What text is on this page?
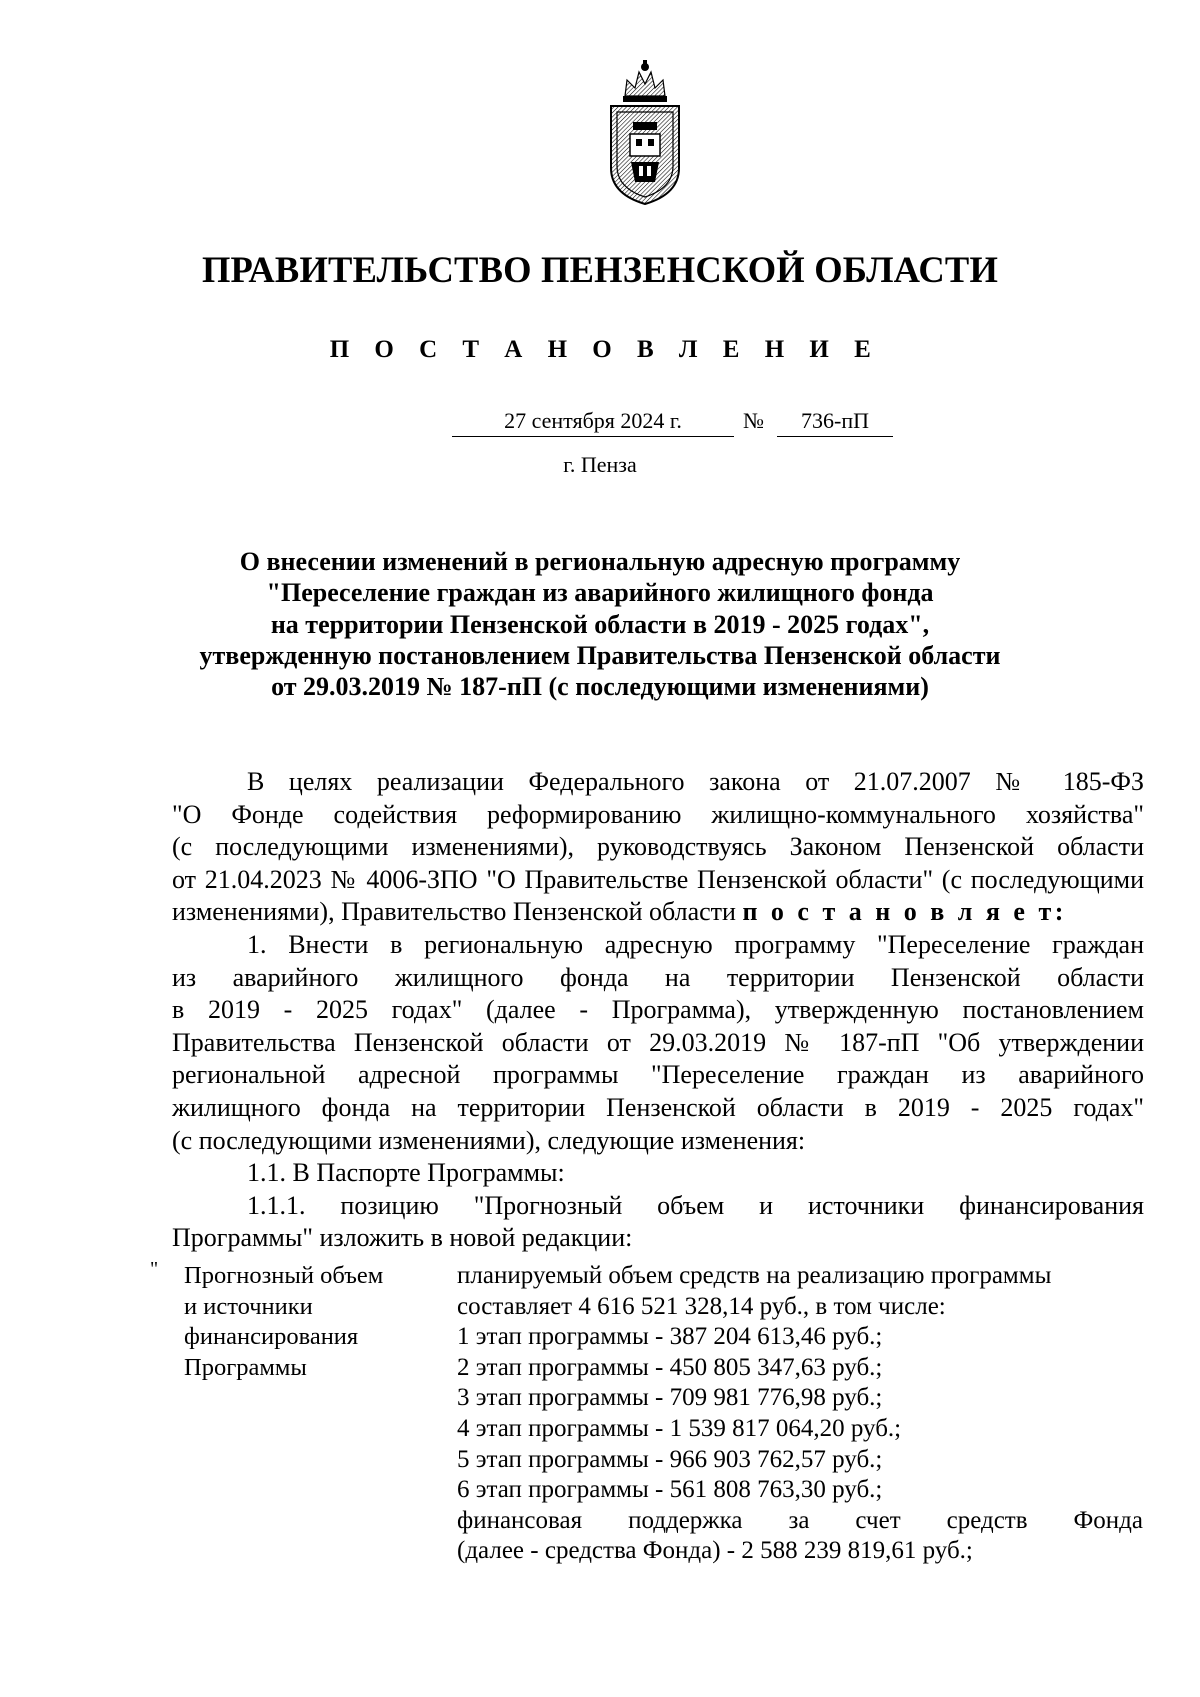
ПРАВИТЕЛЬСТВО ПЕНЗЕНСКОЙ ОБЛАСТИ
П О С Т А Н О В Л Е Н И Е
27 сентября 2024 г.	№	736-пП
г. Пенза
О внесении изменений в региональную адресную программу
"Переселение граждан из аварийного жилищного фонда
на территории Пензенской области в 2019 - 2025 годах",
утвержденную постановлением Правительства Пензенской области
от 29.03.2019 № 187-пП (с последующими изменениями)
В целях реализации Федерального закона от 21.07.2007 № 185-ФЗ
"О Фонде содействия реформированию жилищно-коммунального хозяйства"
(с последующими изменениями), руководствуясь Законом Пензенской области
от 21.04.2023 № 4006-ЗПО "О Правительстве Пензенской области" (с последующими
изменениями), Правительство Пензенской области п о с т а н о в л я е т:
1. Внести в региональную адресную программу "Переселение граждан
из аварийного жилищного фонда на территории Пензенской области
в 2019 - 2025 годах" (далее - Программа), утвержденную постановлением
Правительства Пензенской области от 29.03.2019 № 187-пП "Об утверждении
региональной адресной программы "Переселение граждан из аварийного
жилищного фонда на территории Пензенской области в 2019 - 2025 годах"
(с последующими изменениями), следующие изменения:
1.1. В Паспорте Программы:
1.1.1. позицию "Прогнозный объем и источники финансирования
Программы" изложить в новой редакции:
" Прогнозный объем
и источники
финансирования
Программы
планируемый объем средств на реализацию программы
составляет 4 616 521 328,14 руб., в том числе:
1 этап программы - 387 204 613,46 руб.;
2 этап программы - 450 805 347,63 руб.;
3 этап программы - 709 981 776,98 руб.;
4 этап программы - 1 539 817 064,20 руб.;
5 этап программы - 966 903 762,57 руб.;
6 этап программы - 561 808 763,30 руб.;
финансовая поддержка за счет средств Фонда
(далее - средства Фонда) - 2 588 239 819,61 руб.;
